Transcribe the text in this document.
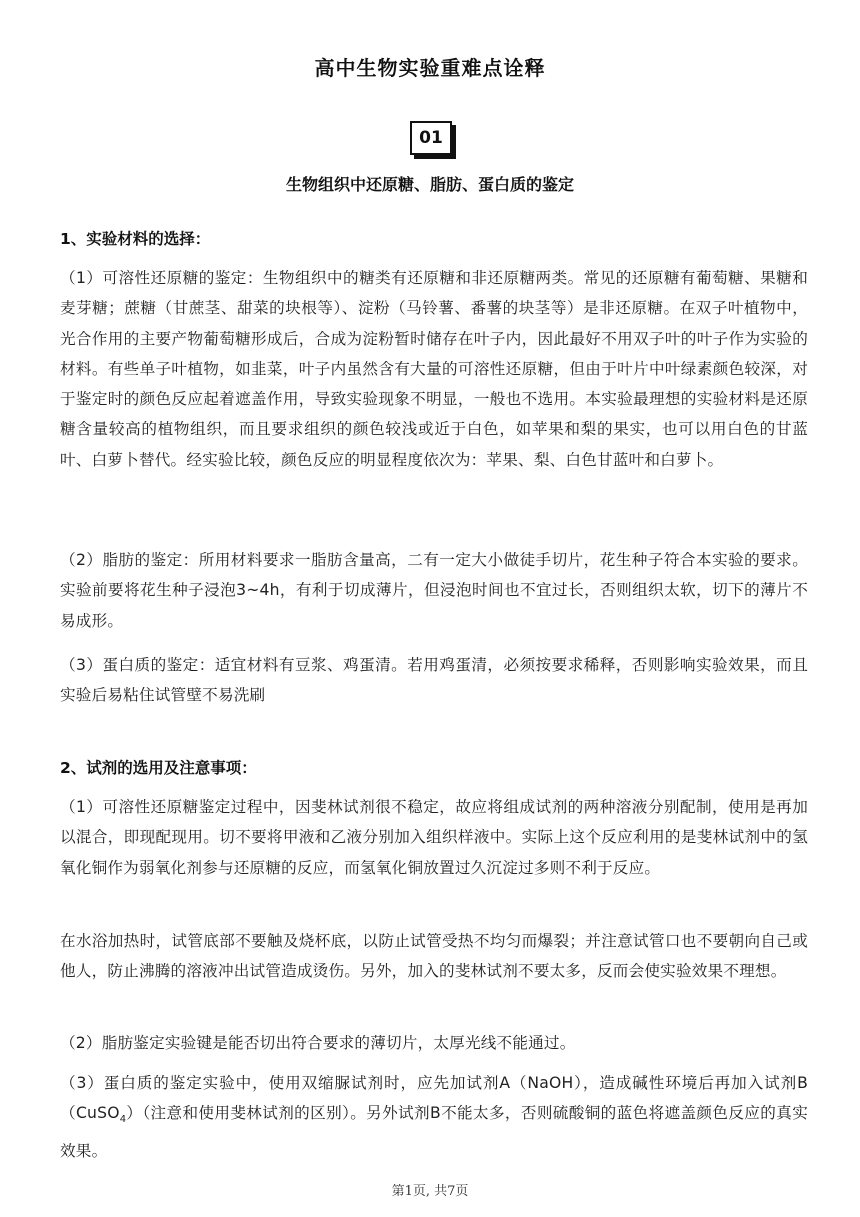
高中生物实验重难点诠释
01
生物组织中还原糖、脂肪、蛋白质的鉴定
1、实验材料的选择：

（1）可溶性还原糖的鉴定：生物组织中的糖类有还原糖和非还原糖两类。常见的还原糖有葡萄糖、果糖和麦芽糖；蔗糖（甘蔗茎、甜菜的块根等）、淀粉（马铃薯、番薯的块茎等）是非还原糖。在双子叶植物中，光合作用的主要产物葡萄糖形成后，合成为淀粉暂时储存在叶子内，因此最好不用双子叶的叶子作为实验的材料。有些单子叶植物，如韭菜，叶子内虽然含有大量的可溶性还原糖，但由于叶片中叶绿素颜色较深，对于鉴定时的颜色反应起着遮盖作用，导致实验现象不明显，一般也不选用。本实验最理想的实验材料是还原糖含量较高的植物组织，而且要求组织的颜色较浅或近于白色，如苹果和梨的果实，也可以用白色的甘蓝叶、白萝卜替代。经实验比较，颜色反应的明显程度依次为：苹果、梨、白色甘蓝叶和白萝卜。

（2）脂肪的鉴定：所用材料要求一脂肪含量高，二有一定大小做徒手切片，花生种子符合本实验的要求。实验前要将花生种子浸泡3~4h，有利于切成薄片，但浸泡时间也不宜过长，否则组织太软，切下的薄片不易成形。

（3）蛋白质的鉴定：适宜材料有豆浆、鸡蛋清。若用鸡蛋清，必须按要求稀释，否则影响实验效果，而且实验后易粘住试管壁不易洗刷

2、试剂的选用及注意事项：

（1）可溶性还原糖鉴定过程中，因斐林试剂很不稳定，故应将组成试剂的两种溶液分别配制，使用是再加以混合，即现配现用。切不要将甲液和乙液分别加入组织样液中。实际上这个反应利用的是斐林试剂中的氢氧化铜作为弱氧化剂参与还原糖的反应，而氢氧化铜放置过久沉淀过多则不利于反应。

在水浴加热时，试管底部不要触及烧杯底，以防止试管受热不均匀而爆裂；并注意试管口也不要朝向自己或他人，防止沸腾的溶液冲出试管造成烫伤。另外，加入的斐林试剂不要太多，反而会使实验效果不理想。

（2）脂肪鉴定实验键是能否切出符合要求的薄切片，太厚光线不能通过。

（3）蛋白质的鉴定实验中，使用双缩脲试剂时，应先加试剂A（NaOH），造成碱性环境后再加入试剂B（CuSO$_4$）（注意和使用斐林试剂的区别）。另外试剂B不能太多，否则硫酸铜的蓝色将遮盖颜色反应的真实效果。

第1页, 共7页
